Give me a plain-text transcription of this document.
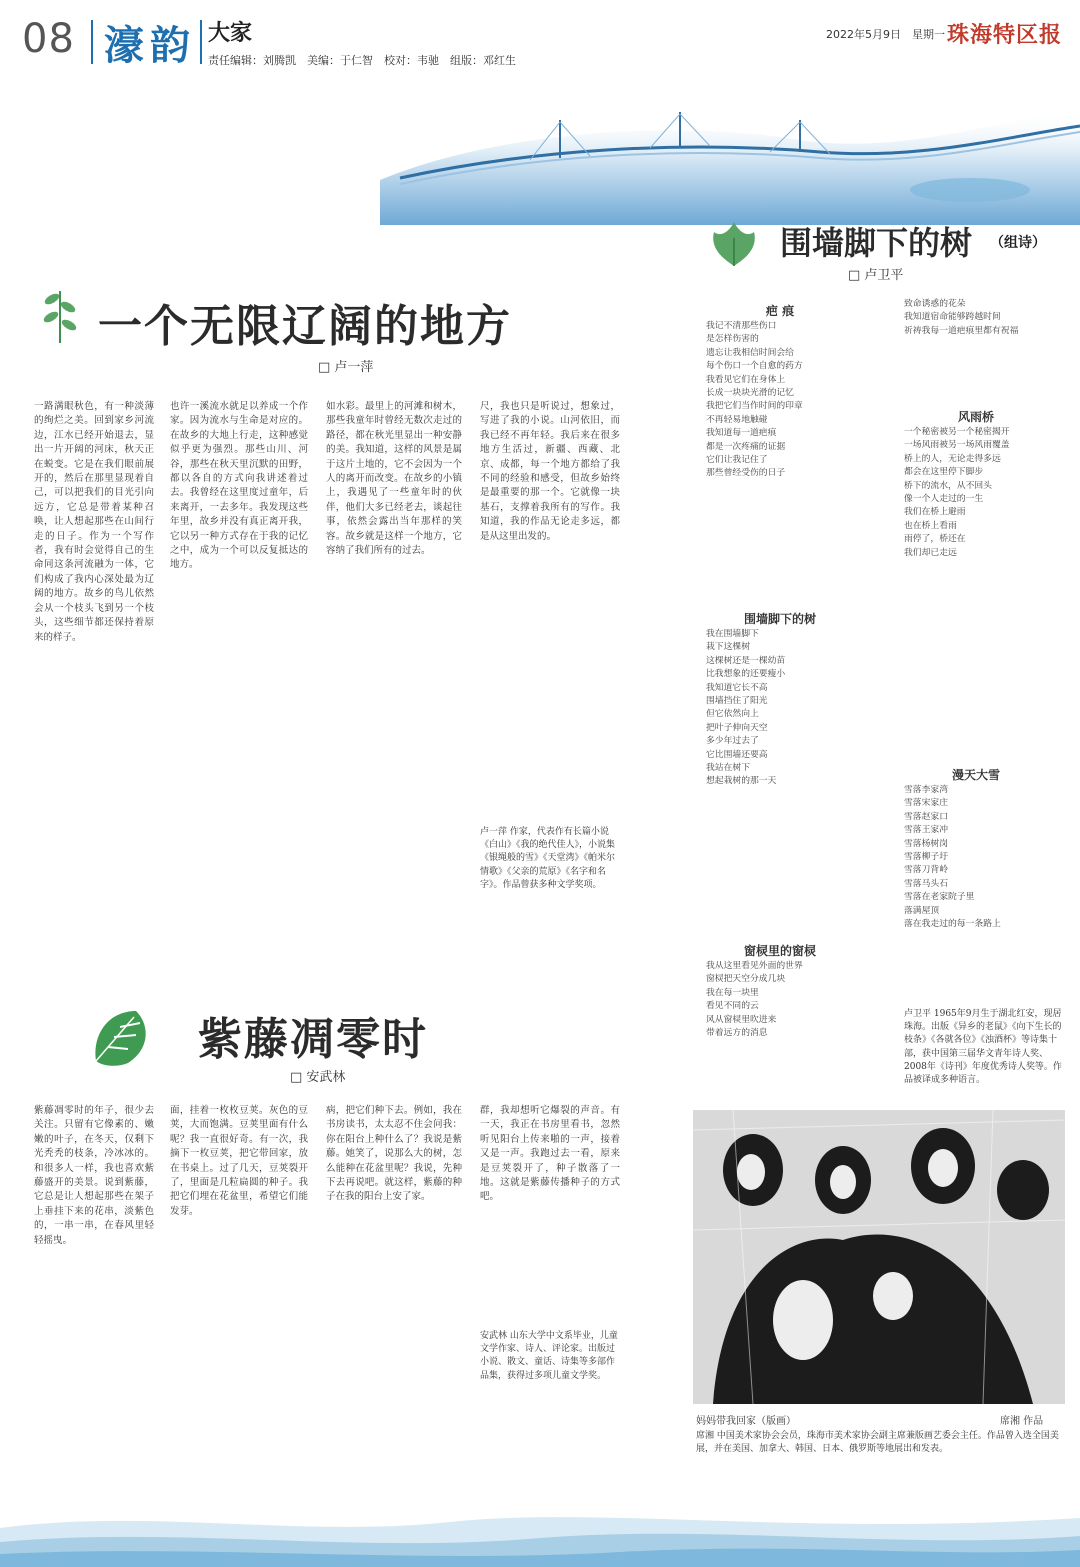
08 濠韵 大家
责任编辑：刘腾凯　美编：于仁智　校对：韦驰　组版：邓红生
2022年5月9日　星期一 珠海特区报
围墙脚下的树 （组诗）
□ 卢卫平
一个无限辽阔的地方
□ 卢一萍
一路满眼秋色，有一种淡薄的绚烂之美。回到家乡河流边，江水已经开始退去，显出一片开阔的河床，秋天正在蜕变。它是在我们眼前展开的，然后在那里显现着自己，可以把我们的目光引向远方，它总是带着某种召唤，让人想起那些在山间行走的日子。作为一个写作者，我有时会觉得自己的生命同这条河流融为一体，它们构成了我内心深处最为辽阔的地方。故乡的鸟儿依然会从一个枝头飞到另一个枝头，这些细节都还保持着原来的样子。
也许一溪流水就足以养成一个作家。因为流水与生命是对应的。在故乡的大地上行走，这种感觉似乎更为强烈。那些山川、河谷，那些在秋天里沉默的田野，都以各自的方式向我讲述着过去。我曾经在这里度过童年，后来离开，一去多年。我发现这些年里，故乡并没有真正离开我，它以另一种方式存在于我的记忆之中，成为一个可以反复抵达的地方。
如水彩。最里上的河滩和树木，那些我童年时曾经无数次走过的路径，都在秋光里显出一种安静的美。我知道，这样的风景是属于这片土地的，它不会因为一个人的离开而改变。在故乡的小镇上，我遇见了一些童年时的伙伴，他们大多已经老去，谈起往事，依然会露出当年那样的笑容。故乡就是这样一个地方，它容纳了我们所有的过去。
尺，我也只是听说过，想象过，写进了我的小说。山河依旧，而我已经不再年轻。我后来在很多地方生活过，新疆、西藏、北京、成都，每一个地方都给了我不同的经验和感受，但故乡始终是最重要的那一个。它就像一块基石，支撑着我所有的写作。我知道，我的作品无论走多远，都是从这里出发的。
卢一萍 作家，代表作有长篇小说《白山》《我的绝代佳人》，小说集《银绳般的雪》《天堂湾》《帕米尔情歌》《父亲的荒原》《名字和名字》。作品曾获多种文学奖项。
疤 痕
我记不清那些伤口
是怎样伤害的
遗忘让我相信时间会给
每个伤口一个自愈的药方
我看见它们在身体上
长成一块块光滑的记忆
我把它们当作时间的印章
不再轻易地触碰
我知道每一道疤痕
都是一次疼痛的证据
它们让我记住了
那些曾经受伤的日子
围墙脚下的树
我在围墙脚下
栽下这棵树
这棵树还是一棵幼苗
比我想象的还要瘦小
我知道它长不高
围墙挡住了阳光
但它依然向上
把叶子伸向天空
多少年过去了
它比围墙还要高
我站在树下
想起栽树的那一天
窗棂里的窗棂
我从这里看见外面的世界
窗棂把天空分成几块
我在每一块里
看见不同的云
风从窗棂里吹进来
带着远方的消息
致命诱惑的花朵
我知道宿命能够跨越时间
祈祷我每一道疤痕里都有祝福
风雨桥
一个秘密被另一个秘密揭开
一场风雨被另一场风雨覆盖
桥上的人，无论走得多远
都会在这里停下脚步
桥下的流水，从不回头
像一个人走过的一生
我们在桥上避雨
也在桥上看雨
雨停了，桥还在
我们却已走远
漫天大雪
雪落李家湾
雪落宋家庄
雪落赵家口
雪落王家冲
雪落杨树岗
雪落柳子圩
雪落刀背岭
雪落马头石
雪落在老家院子里
落满屋顶
落在我走过的每一条路上
卢卫平 1965年9月生于湖北红安，现居珠海。出版《异乡的老鼠》《向下生长的枝条》《各就各位》《浊酒杯》等诗集十部，获中国第三届华文青年诗人奖、2008年《诗刊》年度优秀诗人奖等。作品被译成多种语言。
紫藤凋零时
□ 安武林
紫藤凋零时的年子，很少去关注。只留有它像素的、嫩嫩的叶子，在冬天，仅剩下光秃秃的枝条，冷冰冰的。和很多人一样，我也喜欢紫藤盛开的美景。说到紫藤，它总是让人想起那些在架子上垂挂下来的花串，淡紫色的，一串一串，在春风里轻轻摇曳。
面，挂着一枚枚豆荚。灰色的豆荚，大而饱满。豆荚里面有什么呢？我一直很好奇。有一次，我摘下一枚豆荚，把它带回家，放在书桌上。过了几天，豆荚裂开了，里面是几粒扁圆的种子。我把它们埋在花盆里，希望它们能发芽。
病，把它们种下去。例如，我在书房读书，太太忍不住会问我：你在阳台上种什么了？我说是紫藤。她笑了，说那么大的树，怎么能种在花盆里呢？我说，先种下去再说吧。就这样，紫藤的种子在我的阳台上安了家。
群，我却想听它爆裂的声音。有一天，我正在书房里看书，忽然听见阳台上传来啪的一声，接着又是一声。我跑过去一看，原来是豆荚裂开了，种子散落了一地。这就是紫藤传播种子的方式吧。
安武林 山东大学中文系毕业，儿童文学作家、诗人、评论家。出版过小说、散文、童话、诗集等多部作品集，获得过多项儿童文学奖。
妈妈带我回家（版画）	席湘 作品
席湘 中国美术家协会会员，珠海市美术家协会副主席兼版画艺委会主任。作品曾入选全国美展，并在美国、加拿大、韩国、日本、俄罗斯等地展出和发表。
